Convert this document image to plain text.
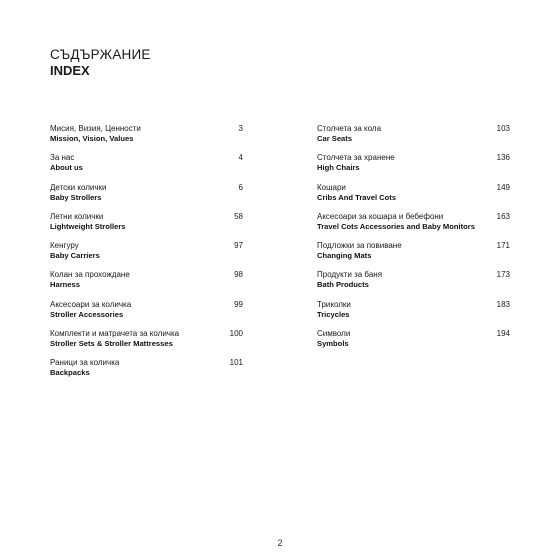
СЪДЪРЖАНИЕ
INDEX
Мисия, Визия, Ценности
Mission, Vision, Values
3
За нас
About us
4
Детски колички
Baby Strollers
6
Летни колички
Lightweight Strollers
58
Кенгуру
Baby Carriers
97
Колан за прохождане
Harness
98
Аксесоари за количка
Stroller Accessories
99
Комплекти и матрачета за количка
Stroller Sets & Stroller Mattresses
100
Раници за количка
Backpacks
101
Столчета за кола
Car Seats
103
Столчета за хранене
High Chairs
136
Кошари
Cribs And Travel Cots
149
Аксесоари за кошара и бебефони
Travel Cots Accessories and Baby Monitors
163
Подложки за повиване
Changing Mats
171
Продукти за баня
Bath Products
173
Триколки
Tricycles
183
Символи
Symbols
194
2
